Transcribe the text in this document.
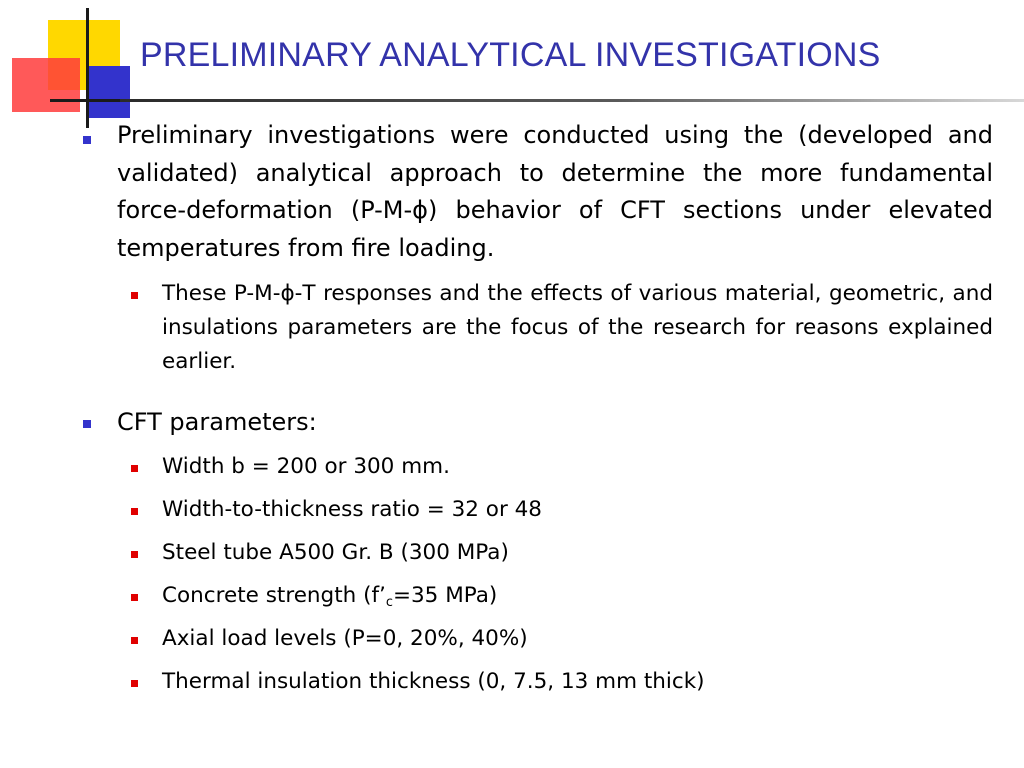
PRELIMINARY ANALYTICAL INVESTIGATIONS
Preliminary investigations were conducted using the (developed and validated) analytical approach to determine the more fundamental force-deformation (P-M-ϕ) behavior of CFT sections under elevated temperatures from fire loading.
These P-M-ϕ-T responses and the effects of various material, geometric, and insulations parameters are the focus of the research for reasons explained earlier.
CFT parameters:
Width b = 200 or 300 mm.
Width-to-thickness ratio = 32 or 48
Steel tube A500 Gr. B (300 MPa)
Concrete strength ($f’_c=35$ MPa)
Axial load levels (P=0, 20%, 40%)
Thermal insulation thickness (0, 7.5, 13 mm thick)
